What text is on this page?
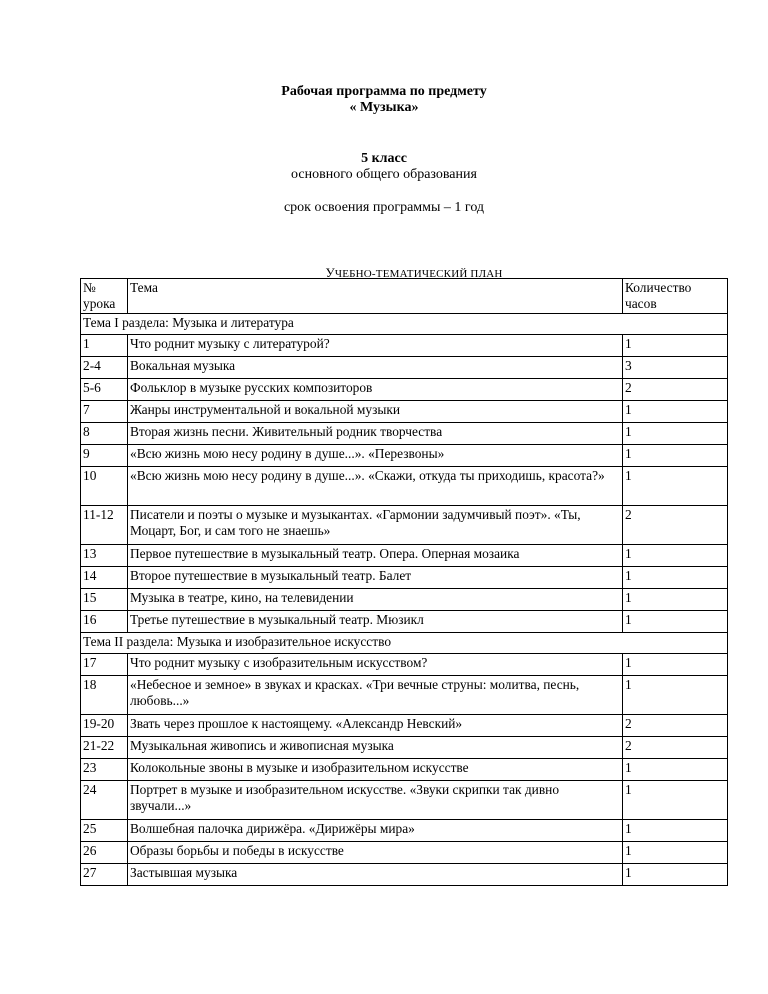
Рабочая программа по предмету
« Музыка»
5 класс
основного общего образования
срок освоения программы – 1 год
УЧЕБНО-ТЕМАТИЧЕСКИЙ ПЛАН
№ урока	Тема	Количество часов
Тема I раздела: Музыка и литература		
1	Что роднит музыку с литературой?	1
2-4	Вокальная музыка	3
5-6	Фольклор в музыке русских композиторов	2
7	Жанры инструментальной и вокальной музыки	1
8	Вторая жизнь песни. Живительный родник творчества	1
9	«Всю жизнь мою несу родину в душе...». «Перезвоны»	1
10	«Всю жизнь мою несу родину в душе...». «Скажи, откуда ты приходишь, красота?»	1
11-12	Писатели и поэты о музыке и музыкантах. «Гармонии задумчивый поэт». «Ты, Моцарт, Бог, и сам того не знаешь»	2
13	Первое путешествие в музыкальный театр. Опера. Оперная мозаика	1
14	Второе путешествие в музыкальный театр. Балет	1
15	Музыка в театре, кино, на телевидении	1
16	Третье путешествие в музыкальный театр. Мюзикл	1
Тема II раздела: Музыка и изобразительное искусство		
17	Что роднит музыку с изобразительным искусством?	1
18	«Небесное и земное» в звуках и красках. «Три вечные струны: молитва, песнь, любовь...»	1
19-20	Звать через прошлое к настоящему. «Александр Невский»	2
21-22	Музыкальная живопись и живописная музыка	2
23	Колокольные звоны в музыке и изобразительном искусстве	1
24	Портрет в музыке и изобразительном искусстве. «Звуки скрипки так дивно звучали...»	1
25	Волшебная палочка дирижёра. «Дирижёры мира»	1
26	Образы борьбы и победы в искусстве	1
27	Застывшая музыка	1
